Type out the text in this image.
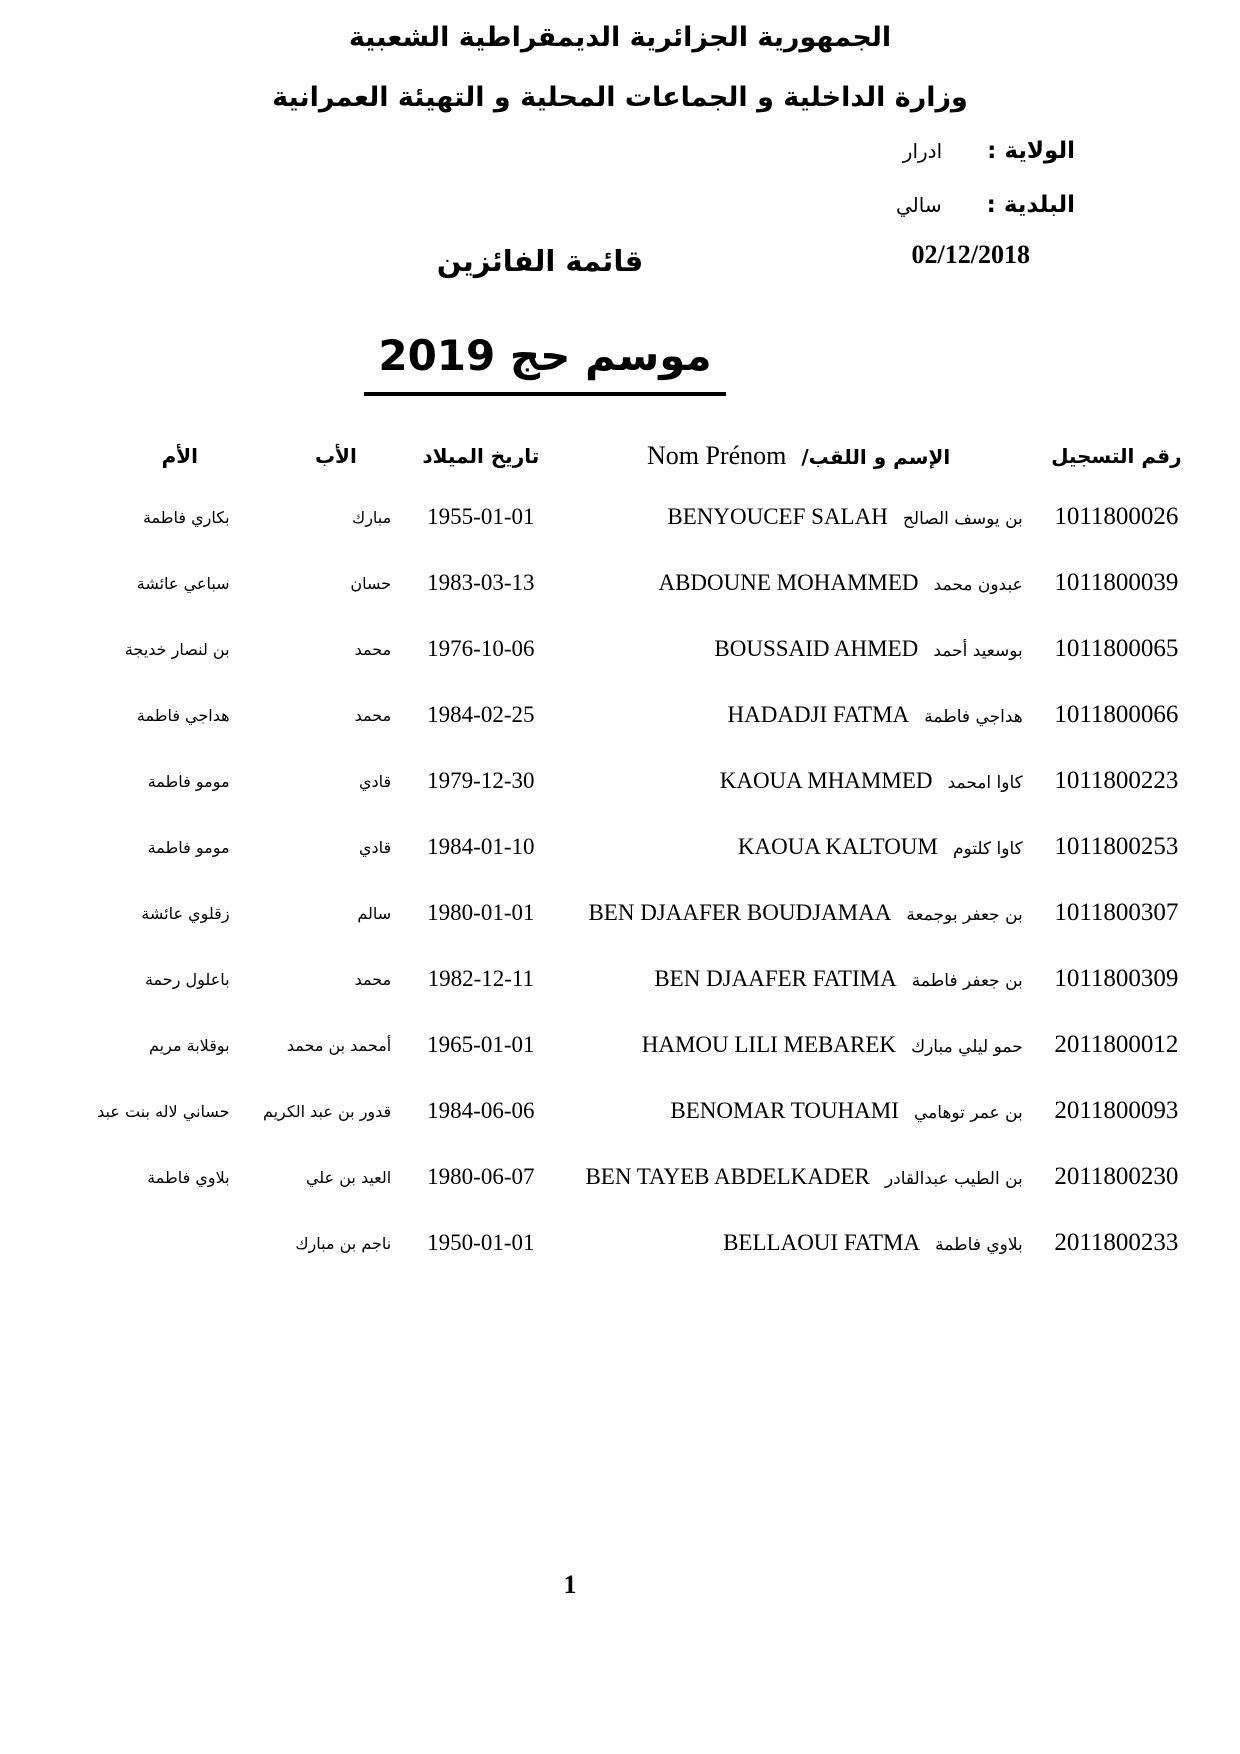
الجمهورية الجزائرية الديمقراطية الشعبية
وزارة الداخلية و الجماعات المحلية و التهيئة العمرانية
الولاية :
ادرار
البلدية :
سالي
02/12/2018
قائمة الفائزين
موسم حج 2019
رقم التسجيل	الإسم و اللقب/ Nom Prénom	تاريخ الميلاد	الأب	الأم
1011800026	بن يوسف الصالح BENYOUCEF SALAH	1955-01-01	مبارك	بكاري فاطمة
1011800039	عبدون محمد ABDOUNE MOHAMMED	1983-03-13	حسان	سباعي عائشة
1011800065	بوسعيد أحمد BOUSSAID AHMED	1976-10-06	محمد	بن لنصار خديجة
1011800066	هداجي فاطمة HADADJI FATMA	1984-02-25	محمد	هداجي فاطمة
1011800223	كاوا امحمد KAOUA MHAMMED	1979-12-30	قادي	مومو فاطمة
1011800253	كاوا كلتوم KAOUA KALTOUM	1984-01-10	قادي	مومو فاطمة
1011800307	بن جعفر بوجمعة BEN DJAAFER BOUDJAMAA	1980-01-01	سالم	زقلوي عائشة
1011800309	بن جعفر فاطمة BEN DJAAFER FATIMA	1982-12-11	محمد	باعلول رحمة
2011800012	حمو ليلي مبارك HAMOU LILI MEBAREK	1965-01-01	أمحمد بن محمد	بوقلابة مريم
2011800093	بن عمر توهامي BENOMAR TOUHAMI	1984-06-06	قدور بن عبد الكريم	حساني لاله بنت عبد
2011800230	بن الطيب عبدالقادر BEN TAYEB ABDELKADER	1980-06-07	العيد بن علي	بلاوي فاطمة
2011800233	بلاوي فاطمة BELLAOUI FATMA	1950-01-01	ناجم بن مبارك	
1
